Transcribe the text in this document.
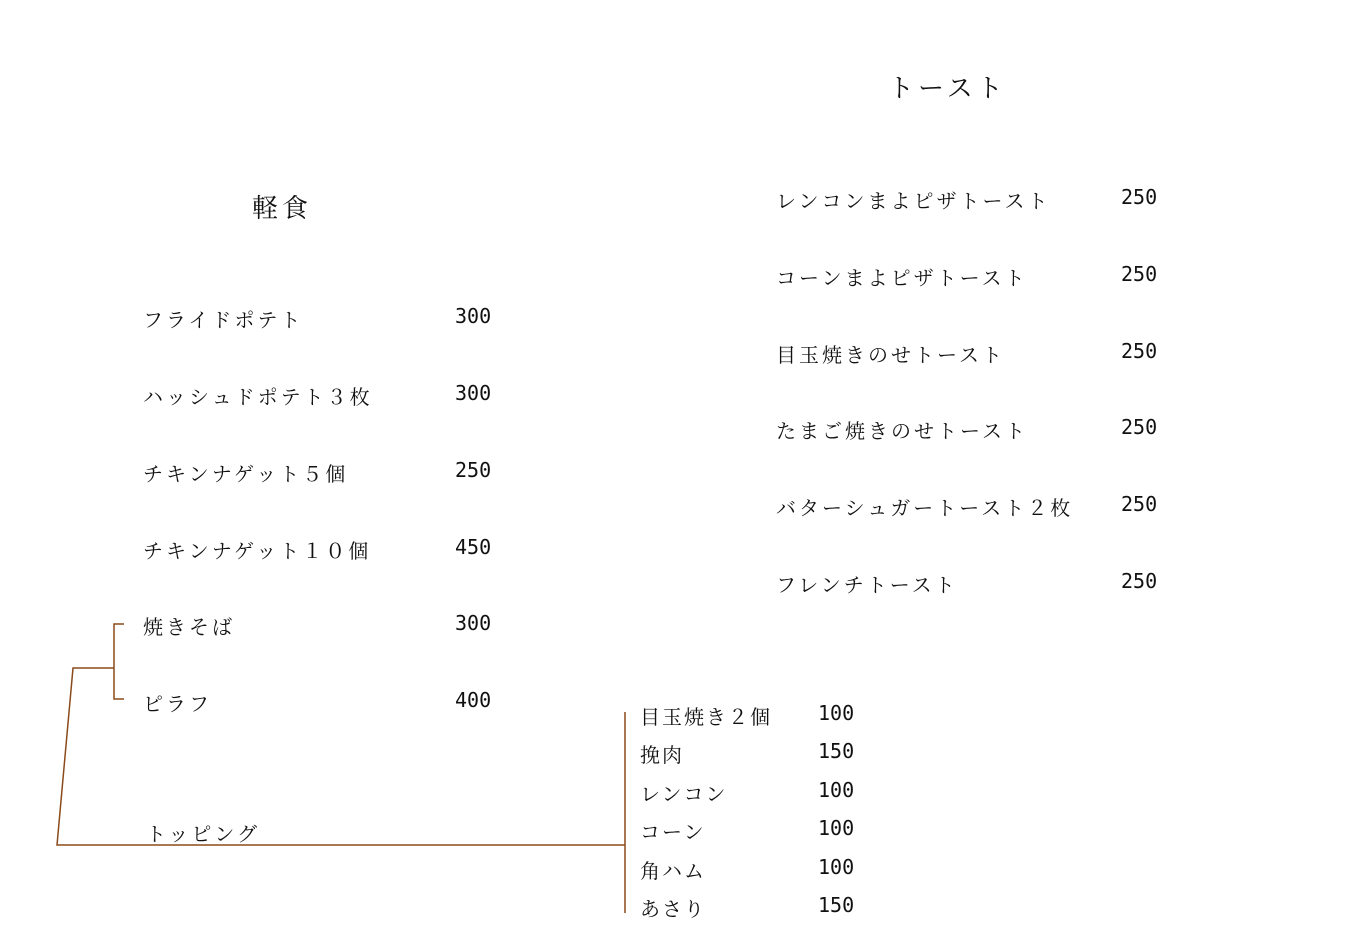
軽食
フライドポテト	300
ハッシュドポテト３枚	300
チキンナゲット５個	250
チキンナゲット１０個	450
焼きそば	300
ピラフ	400
トースト
レンコンまよピザトースト	250
コーンまよピザトースト	250
目玉焼きのせトースト	250
たまご焼きのせトースト	250
バターシュガートースト２枚 250
フレンチトースト	250
トッピング
目玉焼き２個 100
挽肉	150
レンコン	100
コーン	100
角ハム	100
あさり	150
